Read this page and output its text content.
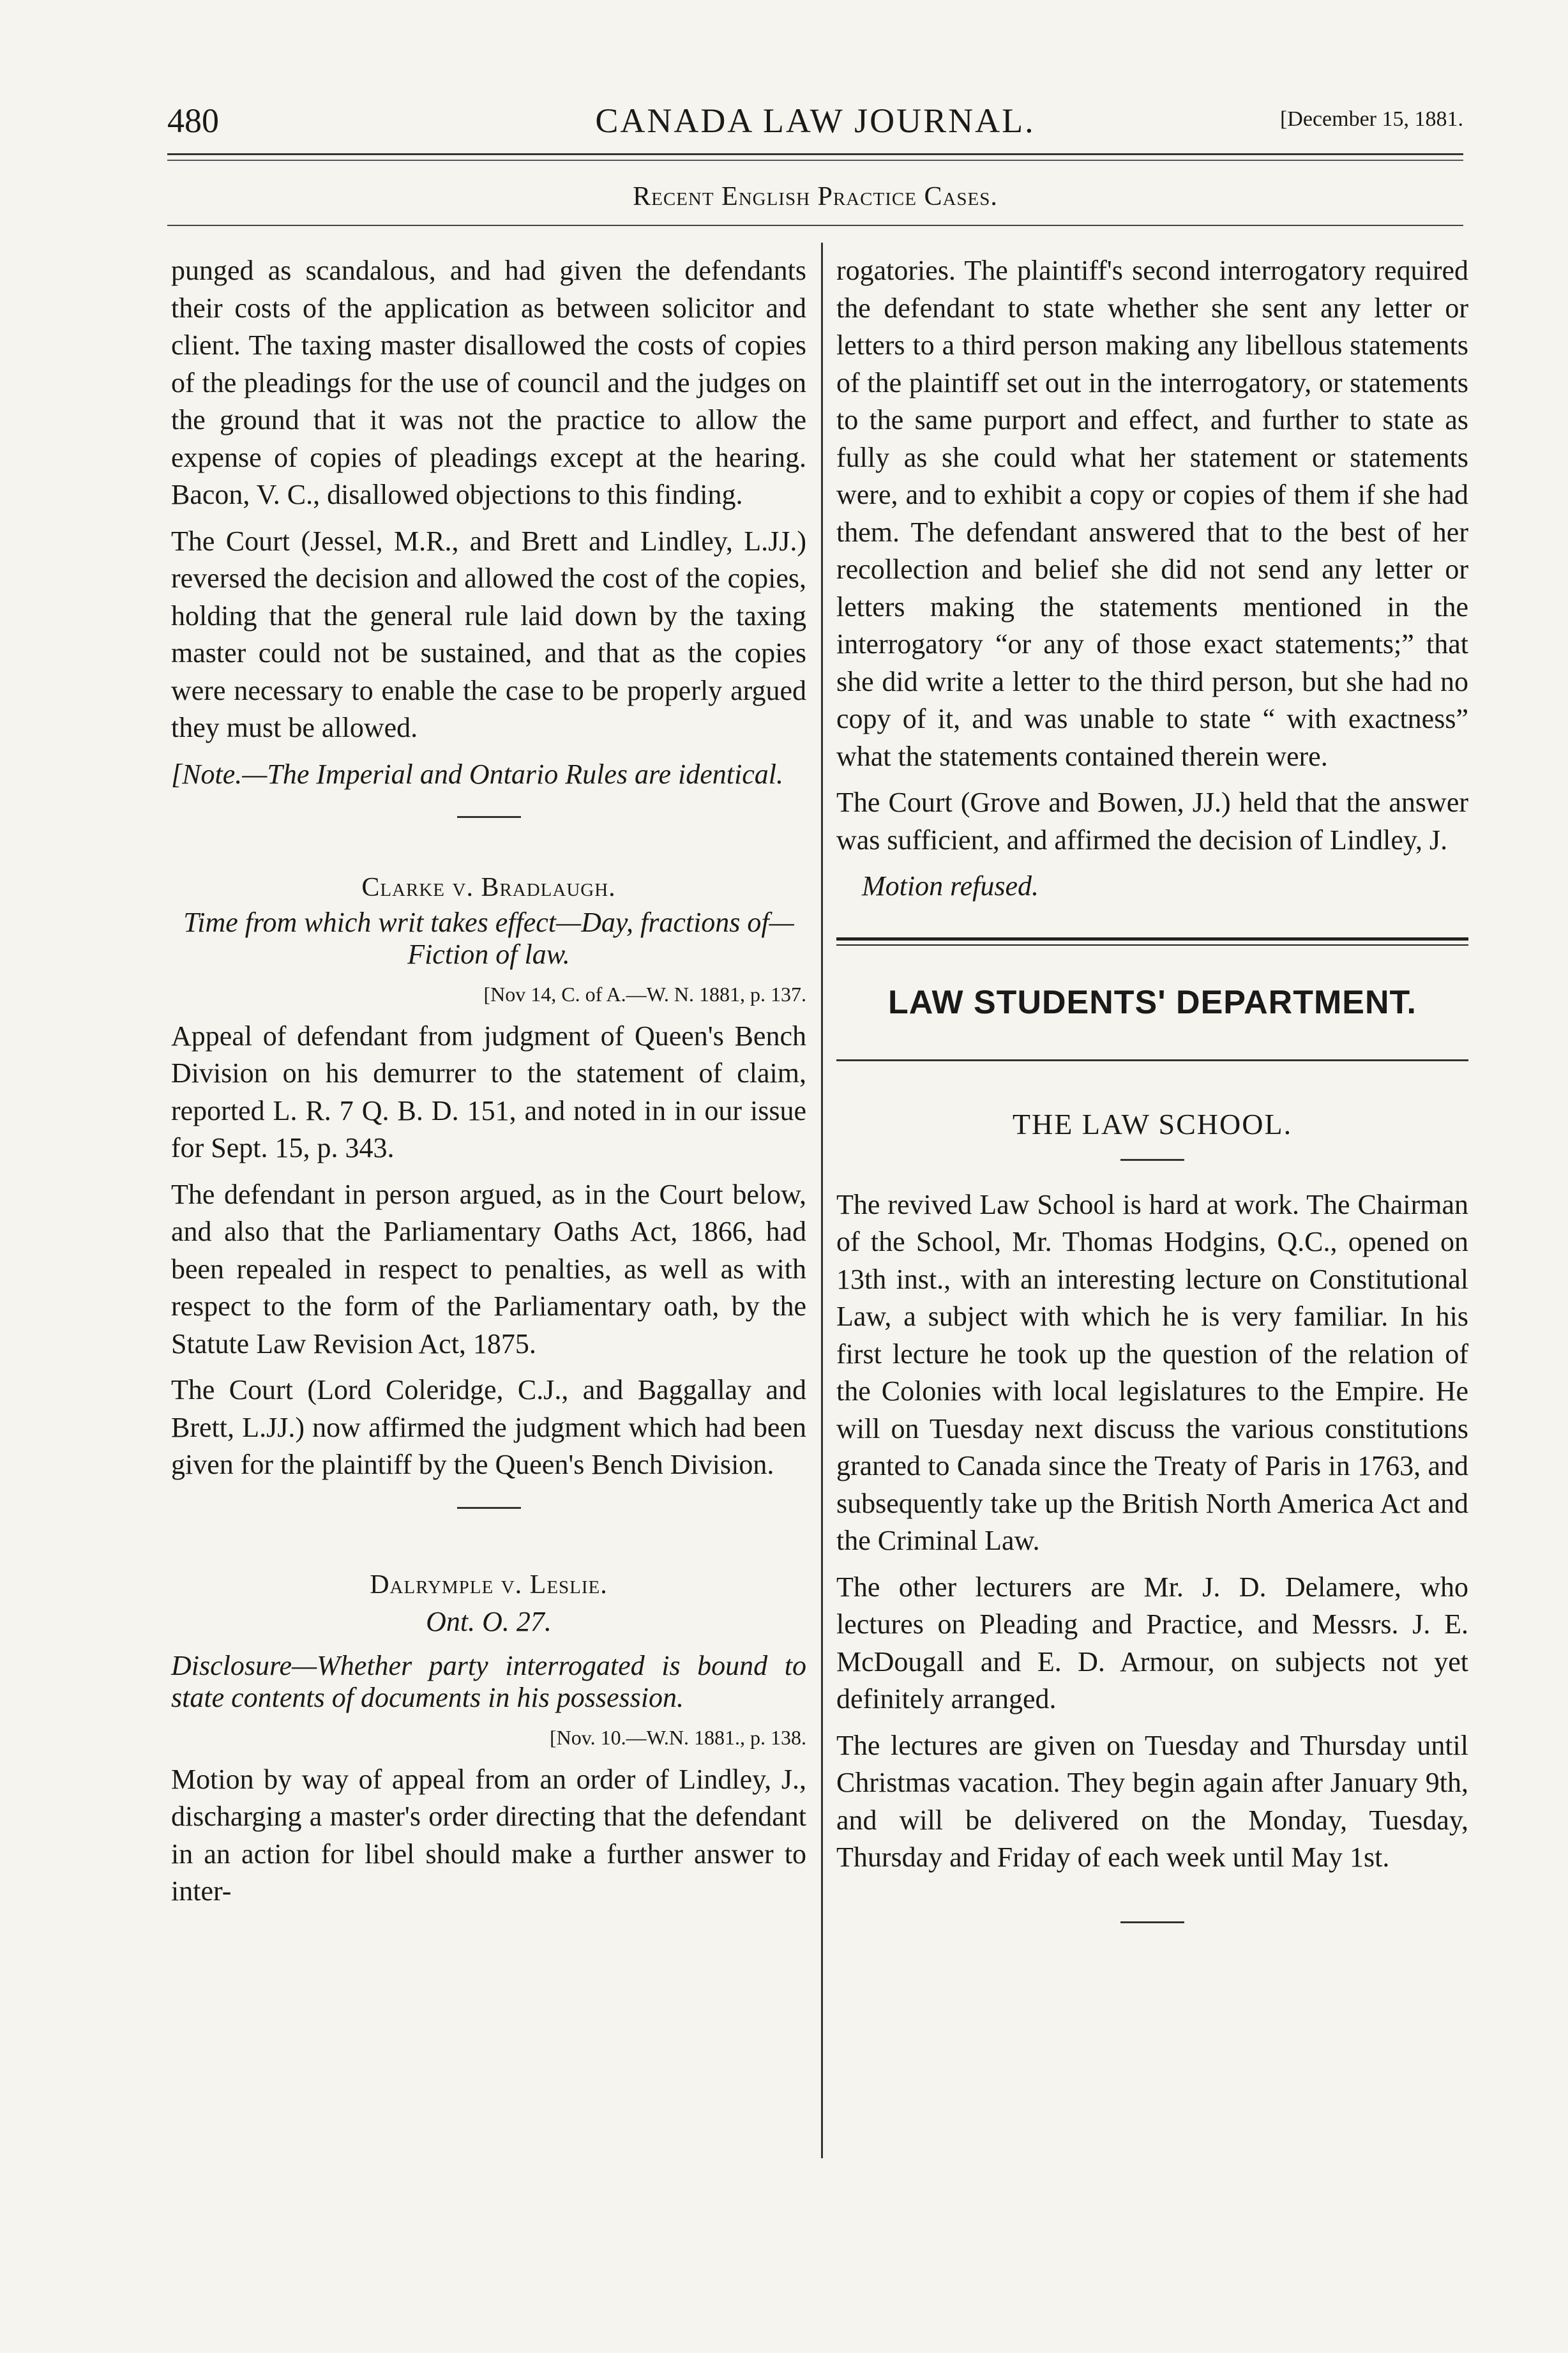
480	CANADA LAW JOURNAL.	[December 15, 1881.
Recent English Practice Cases.

punged as scandalous, and had given the defendants their costs of the application as between solicitor and client. The taxing master disallowed the costs of copies of the pleadings for the use of council and the judges on the ground that it was not the practice to allow the expense of copies of pleadings except at the hearing. Bacon, V. C., disallowed objections to this finding.

The Court (Jessel, M.R., and Brett and Lindley, L.JJ.) reversed the decision and allowed the cost of the copies, holding that the general rule laid down by the taxing master could not be sustained, and that as the copies were necessary to enable the case to be properly argued they must be allowed.

[Note.—The Imperial and Ontario Rules are identical.

Clarke v. Bradlaugh.

Time from which writ takes effect—Day, fractions of—Fiction of law.

[Nov 14, C. of A.—W. N. 1881, p. 137.

Appeal of defendant from judgment of Queen's Bench Division on his demurrer to the statement of claim, reported L. R. 7 Q. B. D. 151, and noted in in our issue for Sept. 15, p. 343.

The defendant in person argued, as in the Court below, and also that the Parliamentary Oaths Act, 1866, had been repealed in respect to penalties, as well as with respect to the form of the Parliamentary oath, by the Statute Law Revision Act, 1875.

The Court (Lord Coleridge, C.J., and Baggallay and Brett, L.JJ.) now affirmed the judgment which had been given for the plaintiff by the Queen's Bench Division.

Dalrymple v. Leslie.

Ont. O. 27.

Disclosure—Whether party interrogated is bound to state contents of documents in his possession.

[Nov. 10.—W.N. 1881., p. 138.

Motion by way of appeal from an order of Lindley, J., discharging a master's order directing that the defendant in an action for libel should make a further answer to inter-

rogatories. The plaintiff's second interrogatory required the defendant to state whether she sent any letter or letters to a third person making any libellous statements of the plaintiff set out in the interrogatory, or statements to the same purport and effect, and further to state as fully as she could what her statement or statements were, and to exhibit a copy or copies of them if she had them. The defendant answered that to the best of her recollection and belief she did not send any letter or letters making the statements mentioned in the interrogatory “or any of those exact statements;” that she did write a letter to the third person, but she had no copy of it, and was unable to state “ with exactness” what the statements contained therein were.

The Court (Grove and Bowen, JJ.) held that the answer was sufficient, and affirmed the decision of Lindley, J.

Motion refused.

LAW STUDENTS' DEPARTMENT.
THE LAW SCHOOL.

The revived Law School is hard at work. The Chairman of the School, Mr. Thomas Hodgins, Q.C., opened on 13th inst., with an interesting lecture on Constitutional Law, a subject with which he is very familiar. In his first lecture he took up the question of the relation of the Colonies with local legislatures to the Empire. He will on Tuesday next discuss the various constitutions granted to Canada since the Treaty of Paris in 1763, and subsequently take up the British North America Act and the Criminal Law.

The other lecturers are Mr. J. D. Delamere, who lectures on Pleading and Practice, and Messrs. J. E. McDougall and E. D. Armour, on subjects not yet definitely arranged.

The lectures are given on Tuesday and Thursday until Christmas vacation. They begin again after January 9th, and will be delivered on the Monday, Tuesday, Thursday and Friday of each week until May 1st.
